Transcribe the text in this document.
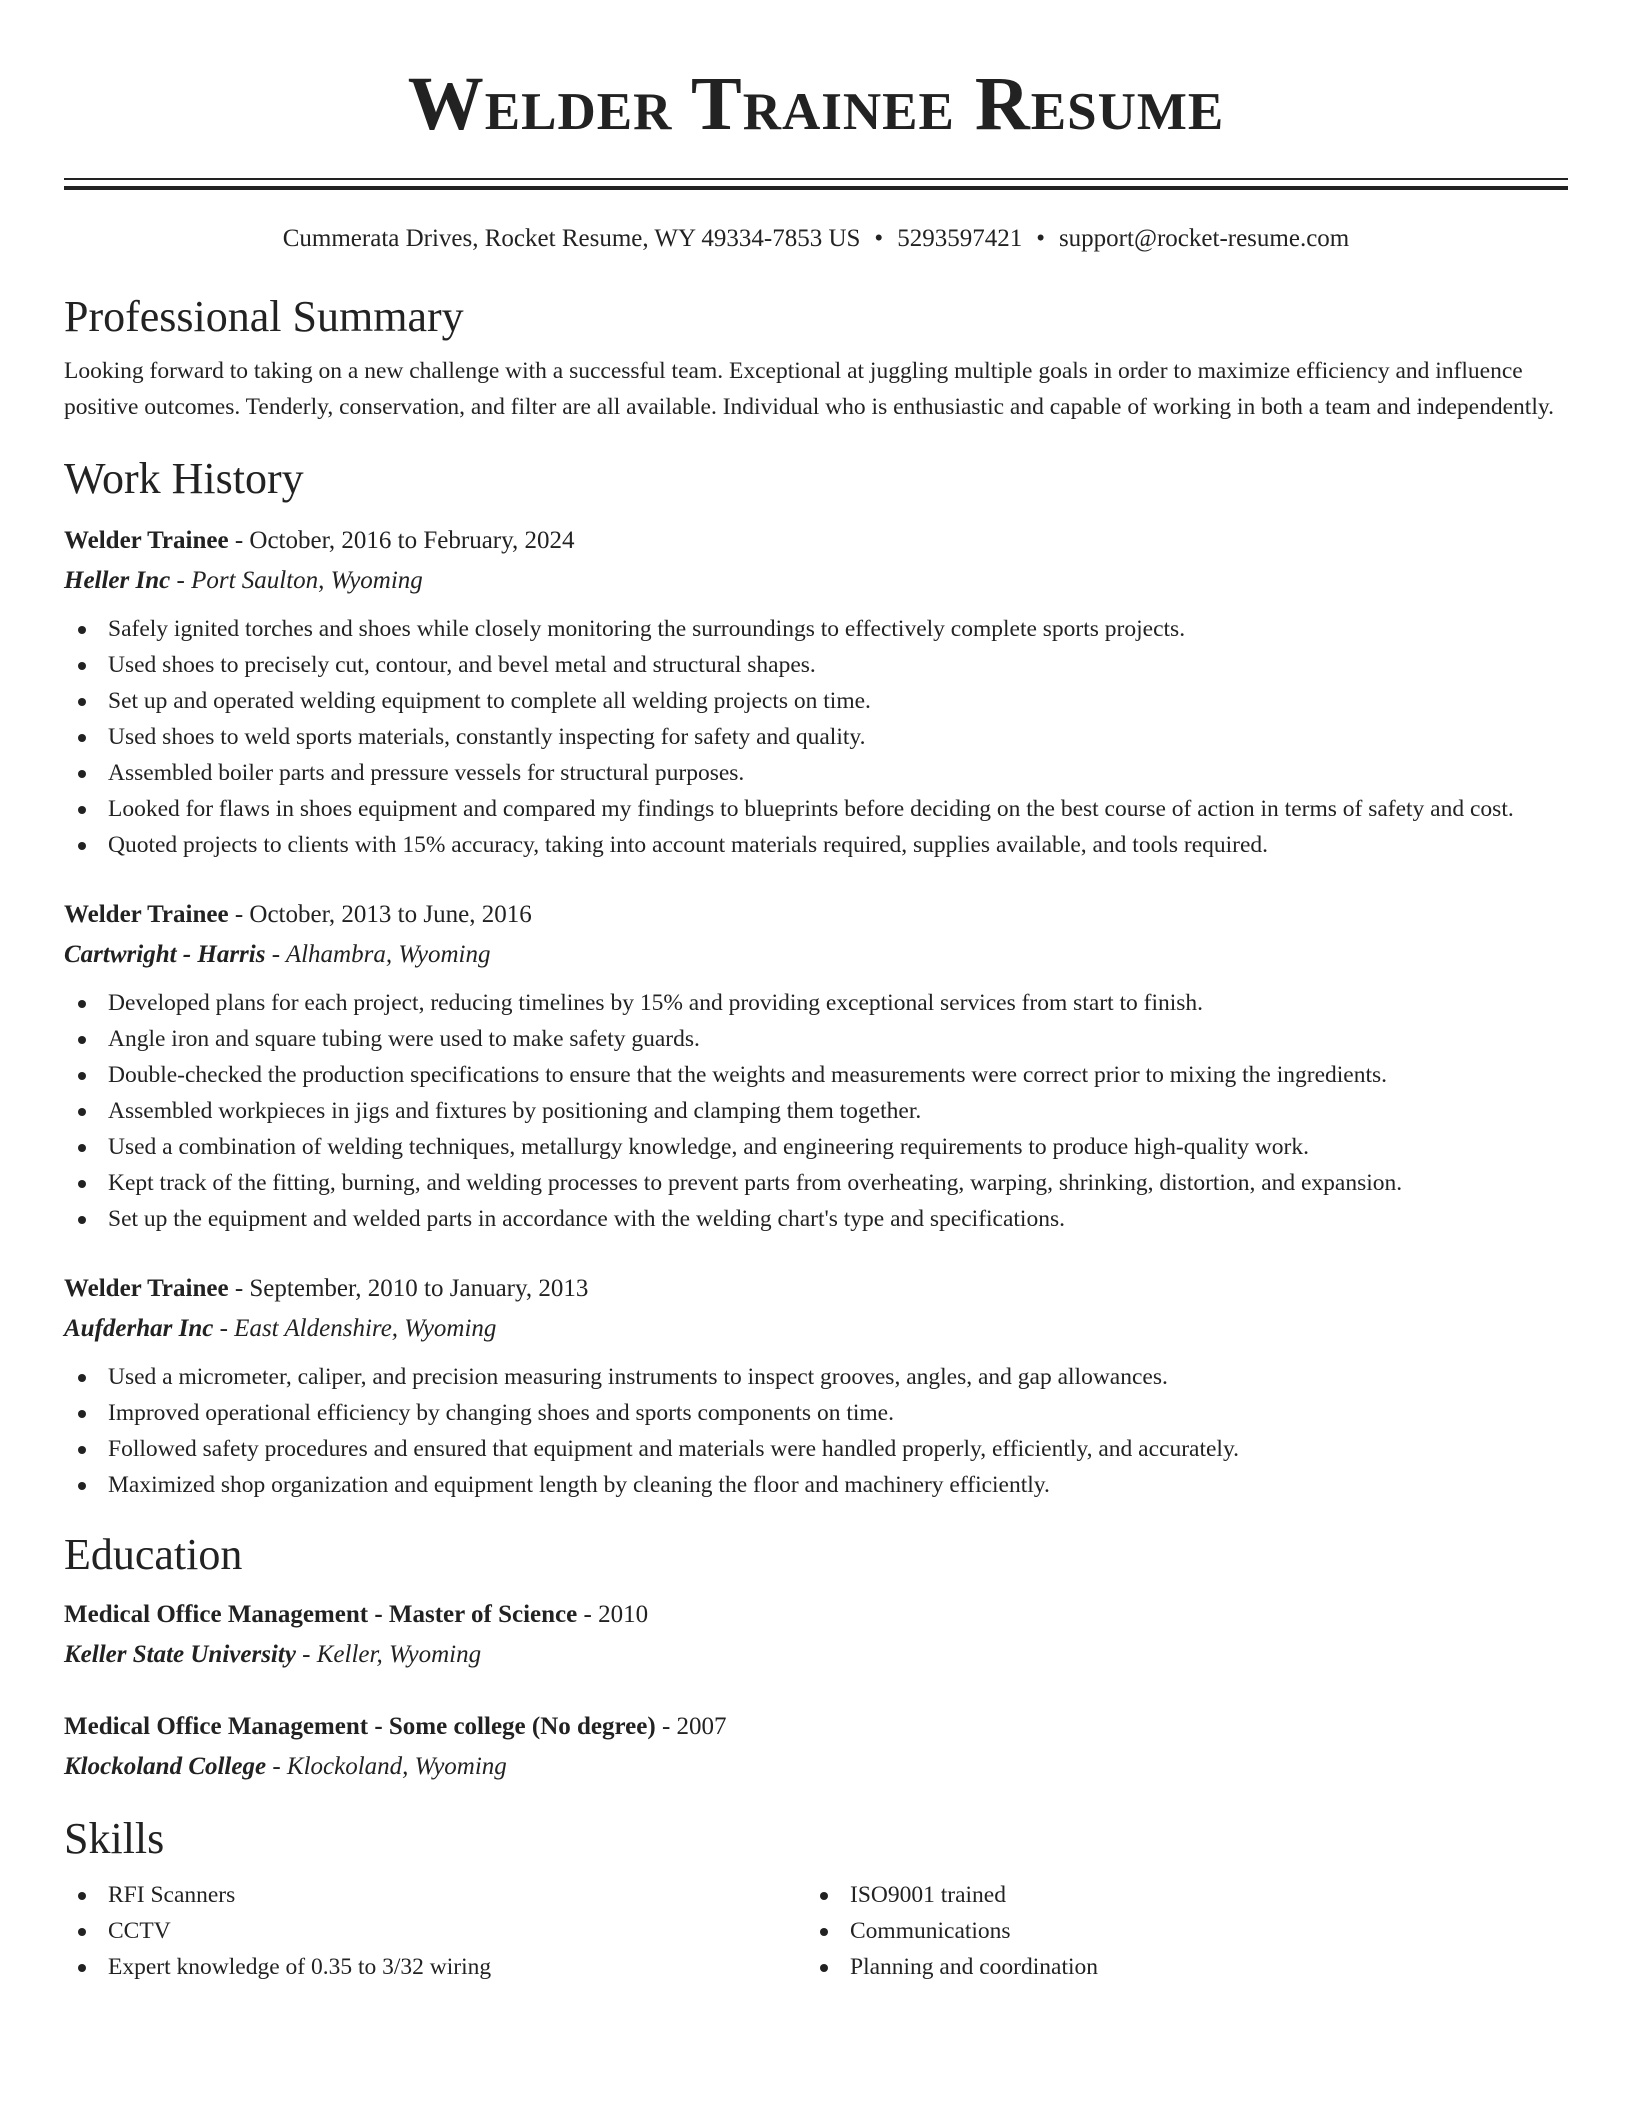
Welder Trainee Resume
Cummerata Drives, Rocket Resume, WY 49334-7853 US • 5293597421 • support@rocket-resume.com
Professional Summary

Looking forward to taking on a new challenge with a successful team. Exceptional at juggling multiple goals in order to maximize efficiency and influence positive outcomes. Tenderly, conservation, and filter are all available. Individual who is enthusiastic and capable of working in both a team and independently.

Work History
Welder Trainee - October, 2016 to February, 2024
Heller Inc - Port Saulton, Wyoming
Safely ignited torches and shoes while closely monitoring the surroundings to effectively complete sports projects.
Used shoes to precisely cut, contour, and bevel metal and structural shapes.
Set up and operated welding equipment to complete all welding projects on time.
Used shoes to weld sports materials, constantly inspecting for safety and quality.
Assembled boiler parts and pressure vessels for structural purposes.
Looked for flaws in shoes equipment and compared my findings to blueprints before deciding on the best course of action in terms of safety and cost.
Quoted projects to clients with 15% accuracy, taking into account materials required, supplies available, and tools required.
Welder Trainee - October, 2013 to June, 2016
Cartwright - Harris - Alhambra, Wyoming
Developed plans for each project, reducing timelines by 15% and providing exceptional services from start to finish.
Angle iron and square tubing were used to make safety guards.
Double-checked the production specifications to ensure that the weights and measurements were correct prior to mixing the ingredients.
Assembled workpieces in jigs and fixtures by positioning and clamping them together.
Used a combination of welding techniques, metallurgy knowledge, and engineering requirements to produce high-quality work.
Kept track of the fitting, burning, and welding processes to prevent parts from overheating, warping, shrinking, distortion, and expansion.
Set up the equipment and welded parts in accordance with the welding chart's type and specifications.
Welder Trainee - September, 2010 to January, 2013
Aufderhar Inc - East Aldenshire, Wyoming
Used a micrometer, caliper, and precision measuring instruments to inspect grooves, angles, and gap allowances.
Improved operational efficiency by changing shoes and sports components on time.
Followed safety procedures and ensured that equipment and materials were handled properly, efficiently, and accurately.
Maximized shop organization and equipment length by cleaning the floor and machinery efficiently.
Education
Medical Office Management - Master of Science - 2010
Keller State University - Keller, Wyoming
Medical Office Management - Some college (No degree) - 2007
Klockoland College - Klockoland, Wyoming
Skills
RFI Scanners
CCTV
Expert knowledge of 0.35 to 3/32 wiring
ISO9001 trained
Communications
Planning and coordination
